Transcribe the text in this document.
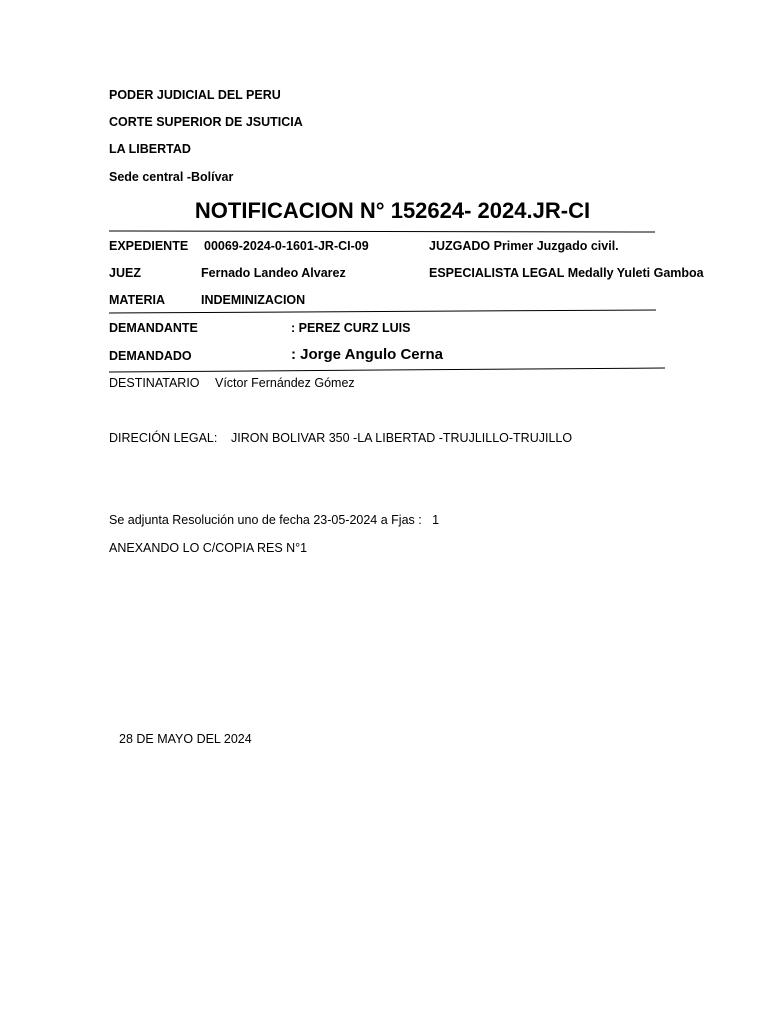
PODER JUDICIAL DEL PERU
CORTE SUPERIOR DE JSUTICIA
LA LIBERTAD
Sede central -Bolívar
NOTIFICACION N° 152624- 2024.JR-CI
EXPEDIENTE 00069-2024-0-1601-JR-CI-09	JUZGADO Primer Juzgado civil.
JUEZ	Fernado Landeo Alvarez	ESPECIALISTA LEGAL Medally Yuleti Gamboa
MATERIA	INDEMINIZACION
DEMANDANTE	: PEREZ CURZ LUIS
DEMANDADO	: Jorge Angulo Cerna
DESTINATARIO Víctor Fernández Gómez
DIRECIÓN LEGAL: JIRON BOLIVAR 350 -LA LIBERTAD -TRUJLILLO-TRUJILLO
Se adjunta Resolución uno de fecha 23-05-2024 a Fjas :   1
ANEXANDO LO C/COPIA RES N°1
28 DE MAYO DEL 2024
